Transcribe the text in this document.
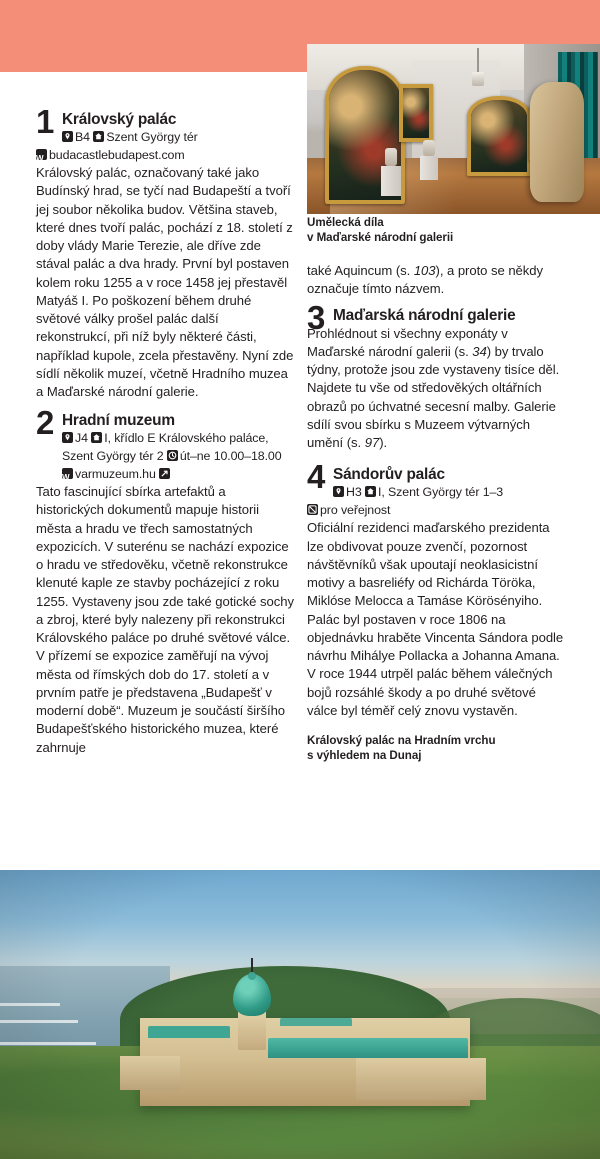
1 Královský palác
B4 Szent György tér
W budacastlebudapest.com

Královský palác, označovaný také jako Budínský hrad, se tyčí nad Budapeští a tvoří jej soubor několika budov. Většina staveb, které dnes tvoří palác, pochází z 18. století z doby vlády Marie Terezie, ale dříve zde stával palác a dva hrady. První byl postaven kolem roku 1255 a v roce 1458 jej přestavěl Matyáš I. Po poškození během druhé světové války prošel palác další rekonstrukcí, při níž byly některé části, například kupole, zcela přestavěny. Nyní zde sídlí několik muzeí, včetně Hradního muzea a Maďarské národní galerie.

2 Hradní muzeum
J4 I, křídlo E Královského paláce, Szent György tér 2 út–ne 10.00–18.00 W varmuzeum.hu

Tato fascinující sbírka artefaktů a historických dokumentů mapuje historii města a hradu ve třech samostatných expozicích. V suterénu se nachází expozice o hradu ve středověku, včetně rekonstrukce klenuté kaple ze stavby pocházející z roku 1255. Vystaveny jsou zde také gotické sochy a zbroj, které byly nalezeny při rekonstrukci Královského paláce po druhé světové válce. V přízemí se expozice zaměřují na vývoj města od římských dob do 17. století a v prvním patře je představena „Budapešť v moderní době“. Muzeum je součástí širšího Budapešťského historického muzea, které zahrnuje

Umělecká díla
v Maďarské národní galerii

také Aquincum (s. 103), a proto se někdy označuje tímto názvem.

3 Maďarská národní galerie

Prohlédnout si všechny exponáty v Maďarské národní galerii (s. 34) by trvalo týdny, protože jsou zde vystaveny tisíce děl. Najdete tu vše od středověkých oltářních obrazů po úchvatné secesní malby. Galerie sdílí svou sbírku s Muzeem výtvarných umění (s. 97).

4 Sándorův palác
H3 I, Szent György tér 1–3
pro veřejnost

Oficiální rezidenci maďarského prezidenta lze obdivovat pouze zvenčí, pozornost návštěvníků však upoutají neoklasicistní motivy a basreliéfy od Richárda Töröka, Miklóse Melocca a Tamáse Körösényiho. Palác byl postaven v roce 1806 na objednávku hraběte Vincenta Sándora podle návrhu Mihálye Pollacka a Johanna Amana. V roce 1944 utrpěl palác během válečných bojů rozsáhlé škody a po druhé světové válce byl téměř celý znovu vystavěn.

Královský palác na Hradním vrchu
s výhledem na Dunaj
